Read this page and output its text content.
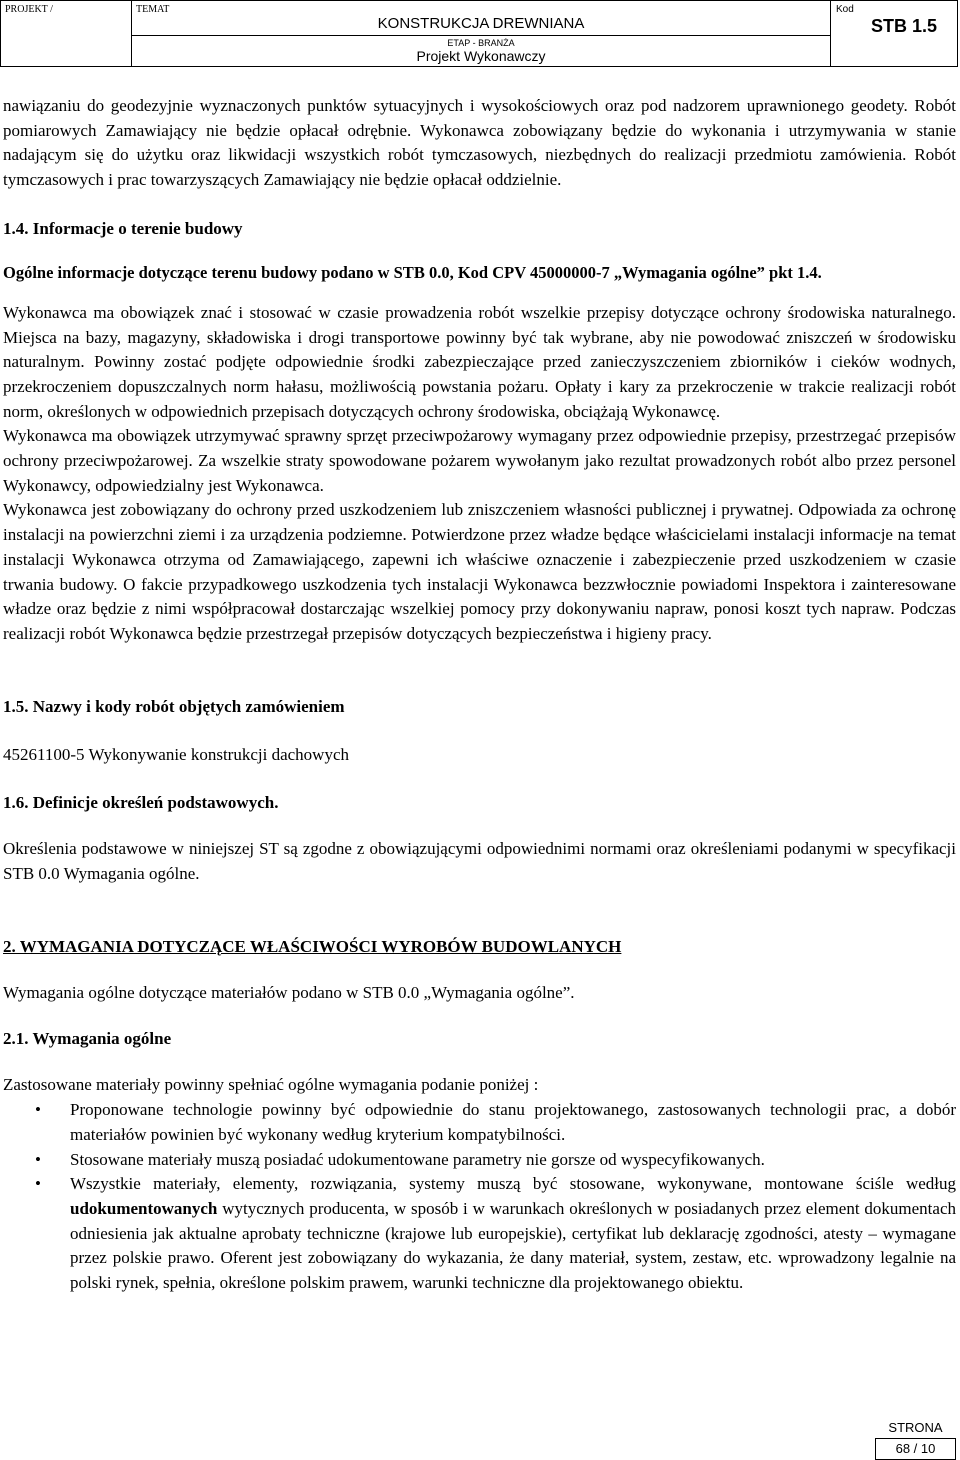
PROJEKT /	TEMAT
KONSTRUKCJA DREWNIANA
ETAP - BRANŻA
Projekt Wykonawczy
Kod
STB 1.5

nawiązaniu do geodezyjnie wyznaczonych punktów sytuacyjnych i wysokościowych oraz pod nadzorem uprawnionego geodety. Robót pomiarowych Zamawiający nie będzie opłacał odrębnie. Wykonawca zobowiązany będzie do wykonania i utrzymywania w stanie nadającym się do użytku oraz likwidacji wszystkich robót tymczasowych, niezbędnych do realizacji przedmiotu zamówienia. Robót tymczasowych i prac towarzyszących Zamawiający nie będzie opłacał oddzielnie.

1.4. Informacje o terenie budowy

Ogólne informacje dotyczące terenu budowy podano w STB 0.0, Kod CPV 45000000-7 „Wymagania ogólne” pkt 1.4.

Wykonawca ma obowiązek znać i stosować w czasie prowadzenia robót wszelkie przepisy dotyczące ochrony środowiska naturalnego. Miejsca na bazy, magazyny, składowiska i drogi transportowe powinny być tak wybrane, aby nie powodować zniszczeń w środowisku naturalnym. Powinny zostać podjęte odpowiednie środki zabezpieczające przed zanieczyszczeniem zbiorników i cieków wodnych, przekroczeniem dopuszczalnych norm hałasu, możliwością powstania pożaru. Opłaty i kary za przekroczenie w trakcie realizacji robót norm, określonych w odpowiednich przepisach dotyczących ochrony środowiska, obciążają Wykonawcę.

Wykonawca ma obowiązek utrzymywać sprawny sprzęt przeciwpożarowy wymagany przez odpowiednie przepisy, przestrzegać przepisów ochrony przeciwpożarowej. Za wszelkie straty spowodowane pożarem wywołanym jako rezultat prowadzonych robót albo przez personel Wykonawcy, odpowiedzialny jest Wykonawca.

Wykonawca jest zobowiązany do ochrony przed uszkodzeniem lub zniszczeniem własności publicznej i prywatnej. Odpowiada za ochronę instalacji na powierzchni ziemi i za urządzenia podziemne. Potwierdzone przez władze będące właścicielami instalacji informacje na temat instalacji Wykonawca otrzyma od Zamawiającego, zapewni ich właściwe oznaczenie i zabezpieczenie przed uszkodzeniem w czasie trwania budowy. O fakcie przypadkowego uszkodzenia tych instalacji Wykonawca bezzwłocznie powiadomi Inspektora i zainteresowane władze oraz będzie z nimi współpracował dostarczając wszelkiej pomocy przy dokonywaniu napraw, ponosi koszt tych napraw. Podczas realizacji robót Wykonawca będzie przestrzegał przepisów dotyczących bezpieczeństwa i higieny pracy.

1.5. Nazwy i kody robót objętych zamówieniem

45261100-5 Wykonywanie konstrukcji dachowych

1.6. Definicje określeń podstawowych.

Określenia podstawowe w niniejszej ST są zgodne z obowiązującymi odpowiednimi normami oraz określeniami podanymi w specyfikacji STB 0.0 Wymagania ogólne.

2. WYMAGANIA DOTYCZĄCE WŁAŚCIWOŚCI WYROBÓW BUDOWLANYCH

Wymagania ogólne dotyczące materiałów podano w STB 0.0 „Wymagania ogólne”.

2.1. Wymagania ogólne

Zastosowane materiały powinny spełniać ogólne wymagania podanie poniżej :

• Proponowane technologie powinny być odpowiednie do stanu projektowanego, zastosowanych technologii prac, a dobór materiałów powinien być wykonany według kryterium kompatybilności.
• Stosowane materiały muszą posiadać udokumentowane parametry nie gorsze od wyspecyfikowanych.
• Wszystkie materiały, elementy, rozwiązania, systemy muszą być stosowane, wykonywane, montowane ściśle według udokumentowanych wytycznych producenta, w sposób i w warunkach określonych w posiadanych przez element dokumentach odniesienia jak aktualne aprobaty techniczne (krajowe lub europejskie), certyfikat lub deklarację zgodności, atesty – wymagane przez polskie prawo. Oferent jest zobowiązany do wykazania, że dany materiał, system, zestaw, etc. wprowadzony legalnie na polski rynek, spełnia, określone polskim prawem, warunki techniczne dla projektowanego obiektu.
STRONA
68 / 10
